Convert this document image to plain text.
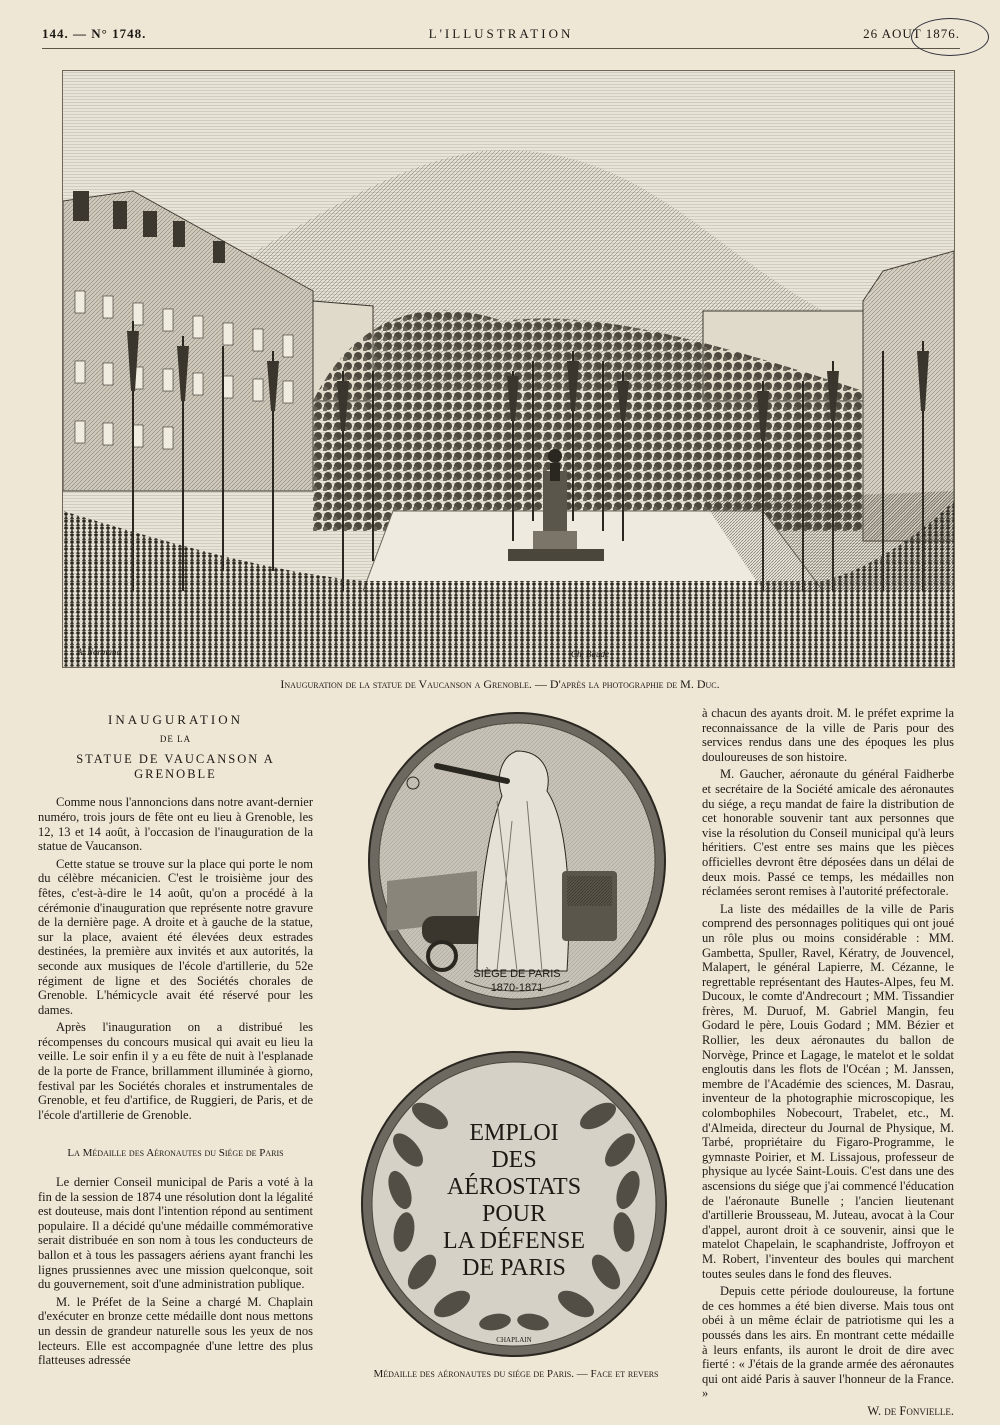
144. — N° 1748.	L'ILLUSTRATION	26 AOUT 1876.
A. Normand	Ch. Baude
Inauguration de la statue de Vaucanson a Grenoble. — D'après la photographie de M. Duc.
INAUGURATION
DE LA
STATUE DE VAUCANSON A GRENOBLE

Comme nous l'annoncions dans notre avant-dernier numéro, trois jours de fête ont eu lieu à Grenoble, les 12, 13 et 14 août, à l'occasion de l'inauguration de la statue de Vaucanson.

Cette statue se trouve sur la place qui porte le nom du célèbre mécanicien. C'est le troisième jour des fêtes, c'est-à-dire le 14 août, qu'on a procédé à la cérémonie d'inauguration que représente notre gravure de la dernière page. A droite et à gauche de la statue, sur la place, avaient été élevées deux estrades destinées, la première aux invités et aux autorités, la seconde aux musiques de l'école d'artillerie, du 52e régiment de ligne et des Sociétés chorales de Grenoble. L'hémicycle avait été réservé pour les dames.

Après l'inauguration on a distribué les récompenses du concours musical qui avait eu lieu la veille. Le soir enfin il y a eu fête de nuit à l'esplanade de la porte de France, brillamment illuminée à giorno, festival par les Sociétés chorales et instrumentales de Grenoble, et feu d'artifice, de Ruggieri, de Paris, et de l'école d'artillerie de Grenoble.

La Médaille des Aéronautes du Siége de Paris

Le dernier Conseil municipal de Paris a voté à la fin de la session de 1874 une résolution dont la légalité est douteuse, mais dont l'intention répond au sentiment populaire. Il a décidé qu'une médaille commémorative serait distribuée en son nom à tous les conducteurs de ballon et à tous les passagers aériens ayant franchi les lignes prussiennes avec une mission quelconque, soit du gouvernement, soit d'une administration publique.

M. le Préfet de la Seine a chargé M. Chaplain d'exécuter en bronze cette médaille dont nous mettons un dessin de grandeur naturelle sous les yeux de nos lecteurs. Elle est accompagnée d'une lettre des plus flatteuses adressée

SIÈGE DE PARIS
1870-1871
EMPLOI
DES
AÉROSTATS
POUR
LA DÉFENSE
DE PARIS
CHAPLAIN
Médaille des aéronautes du siége de Paris. — Face et revers

à chacun des ayants droit. M. le préfet exprime la reconnaissance de la ville de Paris pour des services rendus dans une des époques les plus douloureuses de son histoire.

M. Gaucher, aéronaute du général Faidherbe et secrétaire de la Société amicale des aéronautes du siége, a reçu mandat de faire la distribution de cet honorable souvenir tant aux personnes que vise la résolution du Conseil municipal qu'à leurs héritiers. C'est entre ses mains que les pièces officielles devront être déposées dans un délai de deux mois. Passé ce temps, les médailles non réclamées seront remises à l'autorité préfectorale.

La liste des médailles de la ville de Paris comprend des personnages politiques qui ont joué un rôle plus ou moins considérable : MM. Gambetta, Spuller, Ravel, Kératry, de Jouvencel, Malapert, le général Lapierre, M. Cézanne, le regrettable représentant des Hautes-Alpes, feu M. Ducoux, le comte d'Andrecourt ; MM. Tissandier frères, M. Duruof, M. Gabriel Mangin, feu Godard le père, Louis Godard ; MM. Bézier et Rollier, les deux aéronautes du ballon de Norvège, Prince et Lagage, le matelot et le soldat engloutis dans les flots de l'Océan ; M. Janssen, membre de l'Académie des sciences, M. Dasrau, inventeur de la photographie microscopique, les colombophiles Nobecourt, Trabelet, etc., M. d'Almeida, directeur du Journal de Physique, M. Tarbé, propriétaire du Figaro-Programme, le gymnaste Poirier, et M. Lissajous, professeur de physique au lycée Saint-Louis. C'est dans une des ascensions du siége que j'ai commencé l'éducation de l'aéronaute Bunelle ; l'ancien lieutenant d'artillerie Brousseau, M. Juteau, avocat à la Cour d'appel, auront droit à ce souvenir, ainsi que le matelot Chapelain, le scaphandriste, Joffroyon et M. Robert, l'inventeur des boules qui marchent toutes seules dans le fond des fleuves.

Depuis cette période douloureuse, la fortune de ces hommes a été bien diverse. Mais tous ont obéi à un même éclair de patriotisme qui les a poussés dans les airs. En montrant cette médaille à leurs enfants, ils auront le droit de dire avec fierté : « J'étais de la grande armée des aéronautes qui ont aidé Paris à sauver l'honneur de la France. »

W. de Fonvielle.
